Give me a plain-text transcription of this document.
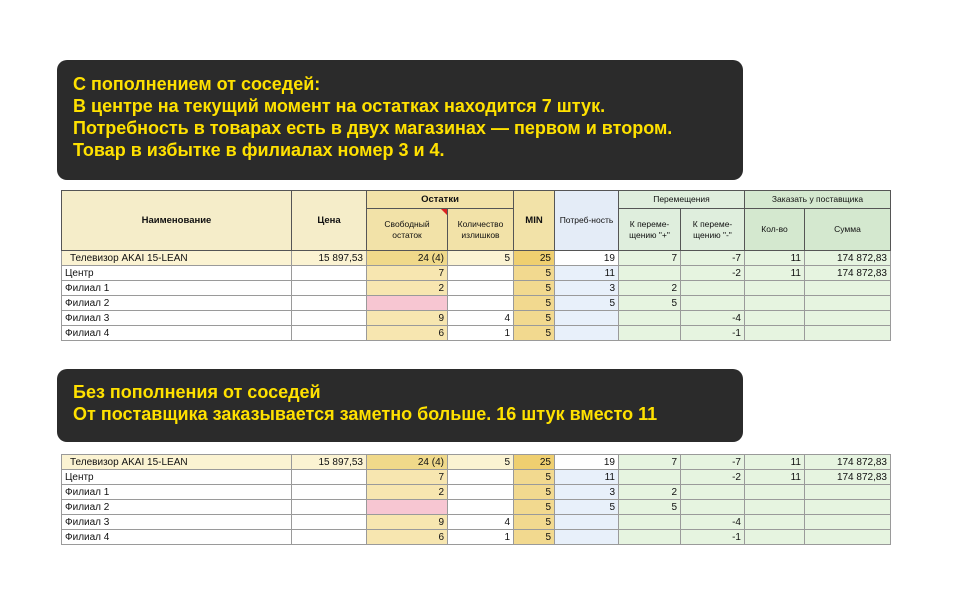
С пополнением от соседей:
В центре на текущий момент на остатках находится 7 штук.
Потребность в товарах есть в двух магазинах — первом и втором.
Товар в избытке в филиалах номер 3 и 4.
Наименование	Цена	Остатки		MIN	Потреб-ность	Перемещения		Заказать у поставщика	
		Свободный остаток	Количество излишков			К переме-щению "+"	К переме-щению "-"	Кол-во	Сумма
Телевизор AKAI 15-LEAN	15 897,53	24 (4)	5	25	19	7	-7	11	174 872,83
Центр		7		5	11		-2	11	174 872,83
Филиал 1		2		5	3	2			
Филиал 2				5	5	5			
Филиал 3		9	4	5			-4		
Филиал 4		6	1	5			-1		
Без пополнения от соседей
От поставщика заказывается заметно больше. 16 штук вместо 11
Телевизор AKAI 15-LEAN	15 897,53	24 (4)	5	25	19	7	-7	11	174 872,83
Центр		7		5	11		-2	11	174 872,83
Филиал 1		2		5	3	2			
Филиал 2				5	5	5			
Филиал 3		9	4	5			-4		
Филиал 4		6	1	5			-1		
